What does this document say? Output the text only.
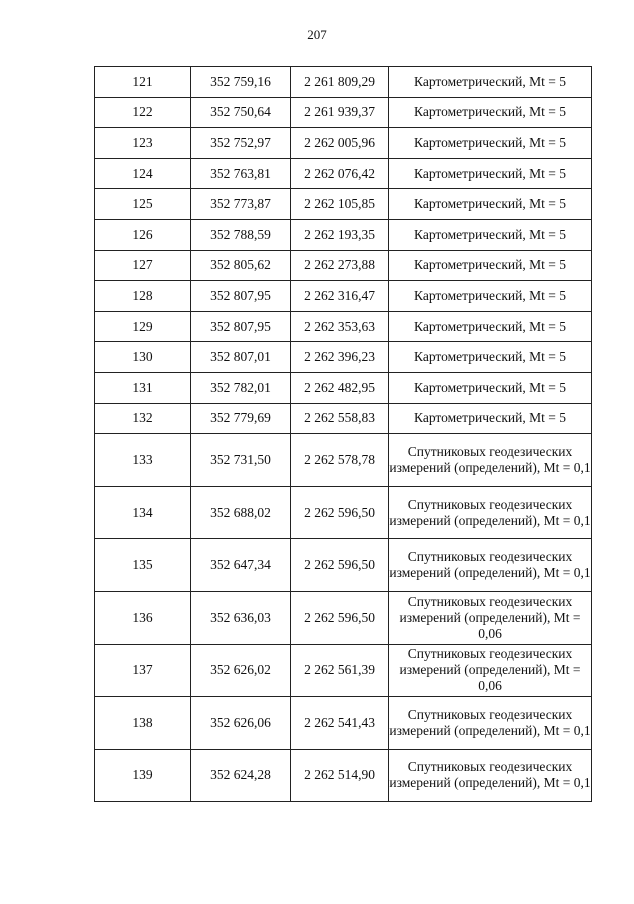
207
121	352 759,16	2 261 809,29	Картометрический, Mt = 5
122	352 750,64	2 261 939,37	Картометрический, Mt = 5
123	352 752,97	2 262 005,96	Картометрический, Mt = 5
124	352 763,81	2 262 076,42	Картометрический, Mt = 5
125	352 773,87	2 262 105,85	Картометрический, Mt = 5
126	352 788,59	2 262 193,35	Картометрический, Mt = 5
127	352 805,62	2 262 273,88	Картометрический, Mt = 5
128	352 807,95	2 262 316,47	Картометрический, Mt = 5
129	352 807,95	2 262 353,63	Картометрический, Mt = 5
130	352 807,01	2 262 396,23	Картометрический, Mt = 5
131	352 782,01	2 262 482,95	Картометрический, Mt = 5
132	352 779,69	2 262 558,83	Картометрический, Mt = 5
133	352 731,50	2 262 578,78	Спутниковых геодезических измерений (определений), Mt = 0,1
134	352 688,02	2 262 596,50	Спутниковых геодезических измерений (определений), Mt = 0,1
135	352 647,34	2 262 596,50	Спутниковых геодезических измерений (определений), Mt = 0,1
136	352 636,03	2 262 596,50	Спутниковых геодезических измерений (определений), Mt = 0,06
137	352 626,02	2 262 561,39	Спутниковых геодезических измерений (определений), Mt = 0,06
138	352 626,06	2 262 541,43	Спутниковых геодезических измерений (определений), Mt = 0,1
139	352 624,28	2 262 514,90	Спутниковых геодезических измерений (определений), Mt = 0,1
